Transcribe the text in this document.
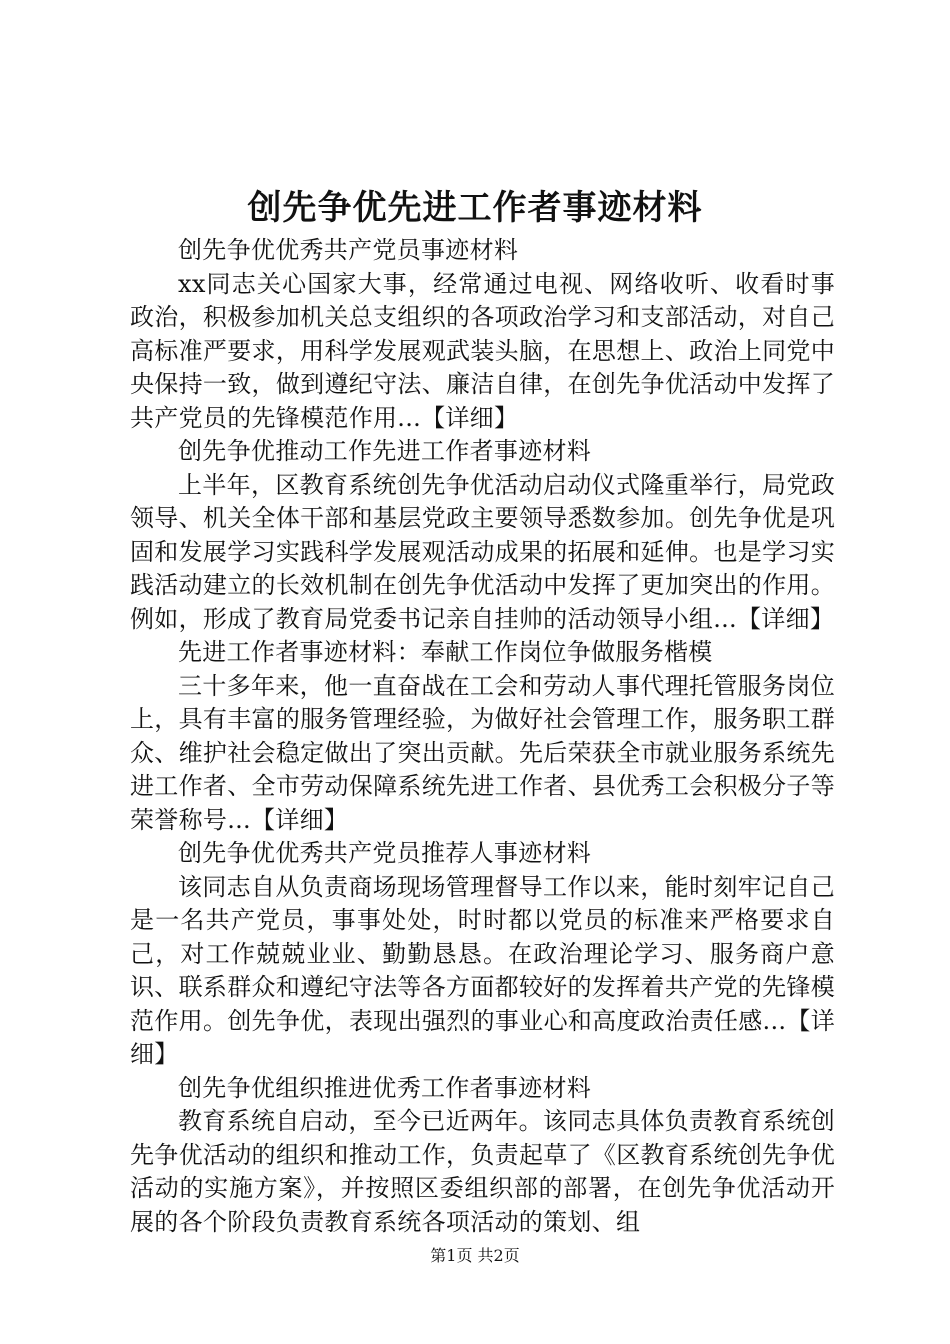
创先争优先进工作者事迹材料

创先争优优秀共产党员事迹材料

xx同志关心国家大事，经常通过电视、网络收听、收看时事政治，积极参加机关总支组织的各项政治学习和支部活动，对自己高标准严要求，用科学发展观武装头脑，在思想上、政治上同党中央保持一致，做到遵纪守法、廉洁自律，在创先争优活动中发挥了共产党员的先锋模范作用...【详细】

创先争优推动工作先进工作者事迹材料

上半年，区教育系统创先争优活动启动仪式隆重举行，局党政领导、机关全体干部和基层党政主要领导悉数参加。创先争优是巩固和发展学习实践科学发展观活动成果的拓展和延伸。也是学习实践活动建立的长效机制在创先争优活动中发挥了更加突出的作用。例如，形成了教育局党委书记亲自挂帅的活动领导小组...【详细】

先进工作者事迹材料：奉献工作岗位争做服务楷模

三十多年来，他一直奋战在工会和劳动人事代理托管服务岗位上，具有丰富的服务管理经验，为做好社会管理工作，服务职工群众、维护社会稳定做出了突出贡献。先后荣获全市就业服务系统先进工作者、全市劳动保障系统先进工作者、县优秀工会积极分子等荣誉称号...【详细】

创先争优优秀共产党员推荐人事迹材料

该同志自从负责商场现场管理督导工作以来，能时刻牢记自己是一名共产党员，事事处处，时时都以党员的标准来严格要求自己，对工作兢兢业业、勤勤恳恳。在政治理论学习、服务商户意识、联系群众和遵纪守法等各方面都较好的发挥着共产党的先锋模范作用。创先争优，表现出强烈的事业心和高度政治责任感...【详细】

创先争优组织推进优秀工作者事迹材料

教育系统自启动，至今已近两年。该同志具体负责教育系统创先争优活动的组织和推动工作，负责起草了《区教育系统创先争优活动的实施方案》，并按照区委组织部的部署，在创先争优活动开展的各个阶段负责教育系统各项活动的策划、组

第1页 共2页
